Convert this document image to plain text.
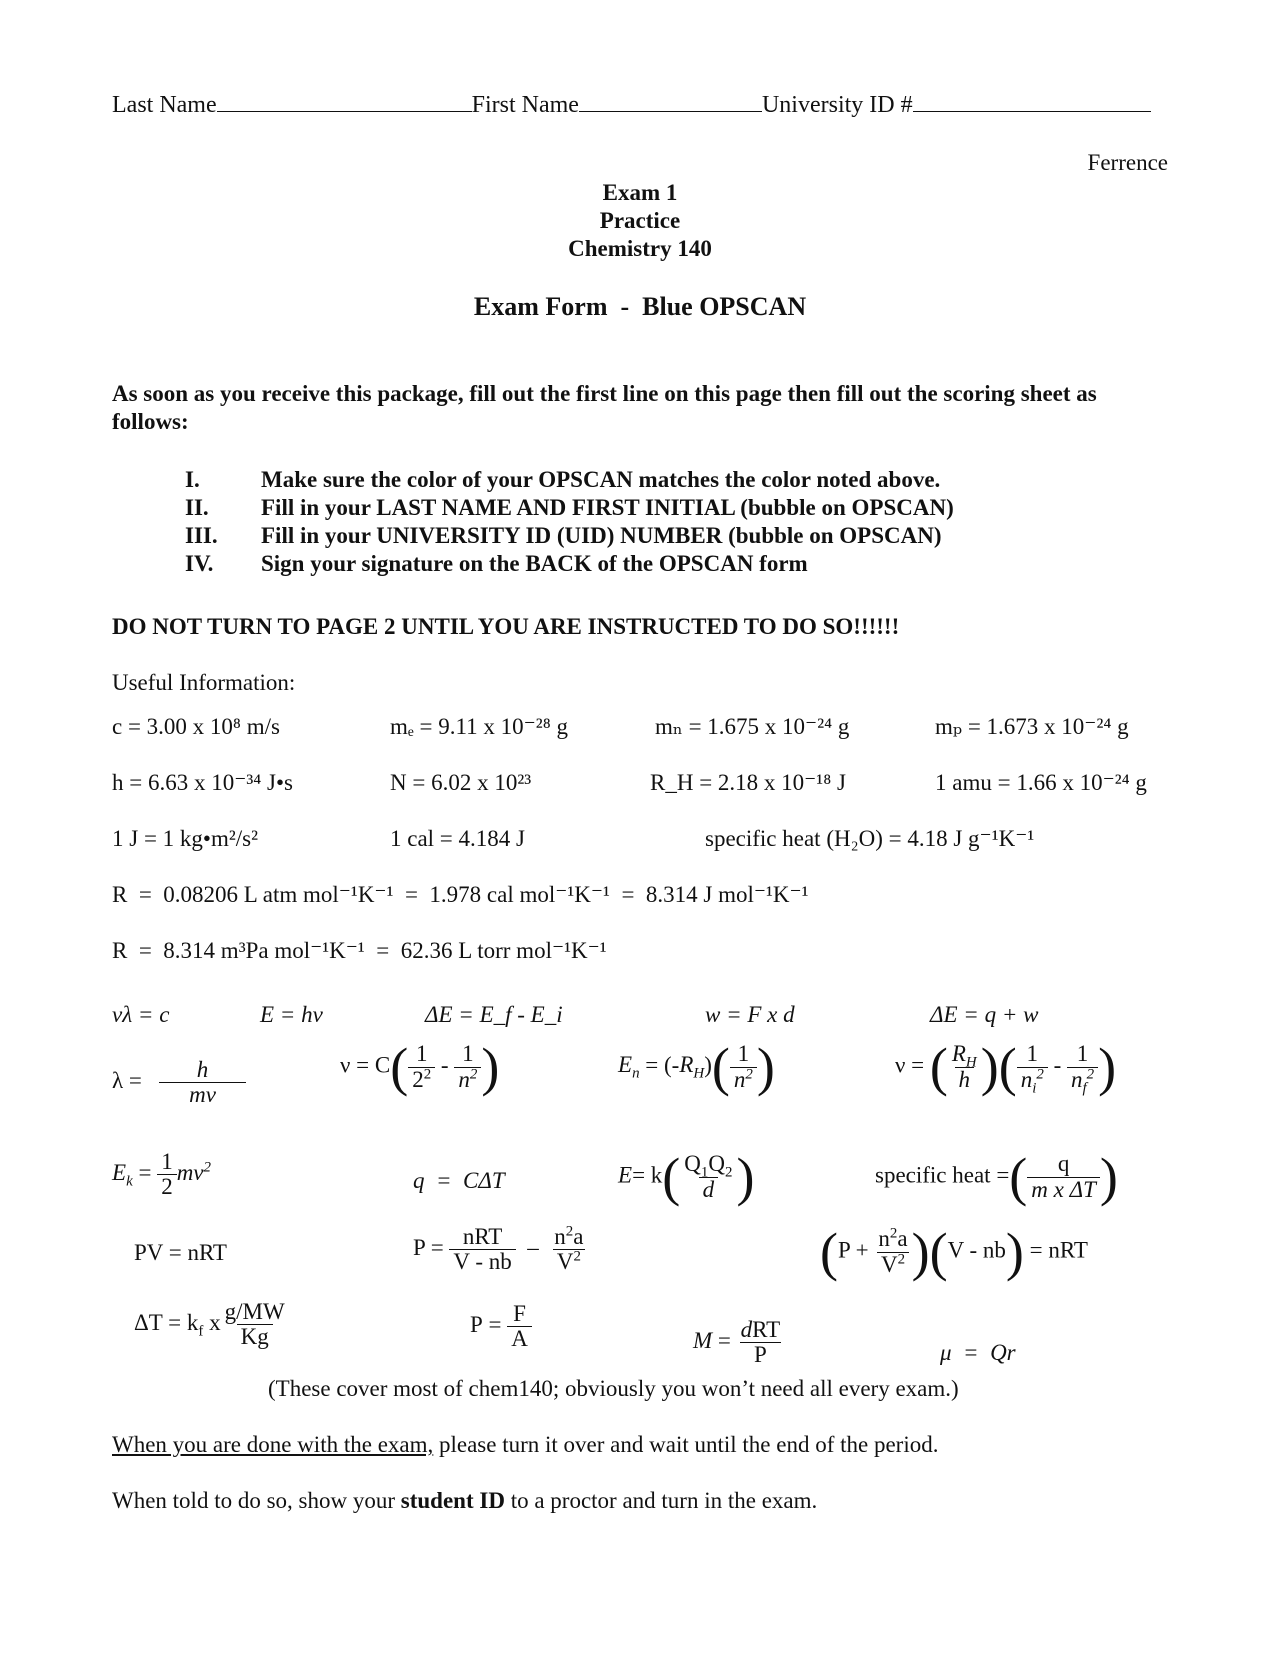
Last Name	First Name	University ID #
Ferrence
Exam 1
Practice
Chemistry 140
Exam Form  -  Blue OPSCAN
As soon as you receive this package, fill out the first line on this page then fill out the scoring sheet as follows:
I.	Make sure the color of your OPSCAN matches the color noted above.
II. Fill in your LAST NAME AND FIRST INITIAL (bubble on OPSCAN)
III. Fill in your UNIVERSITY ID (UID) NUMBER (bubble on OPSCAN)
IV. Sign your signature on the BACK of the OPSCAN form
DO NOT TURN TO PAGE 2 UNTIL YOU ARE INSTRUCTED TO DO SO!!!!!!
Useful Information:
c = 3.00 x 10⁸ m/s	mₑ = 9.11 x 10⁻²⁸ g	mₙ = 1.675 x 10⁻²⁴ g	mₚ = 1.673 x 10⁻²⁴ g
h = 6.63 x 10⁻³⁴ J•s	N = 6.02 x 10²³	R_H = 2.18 x 10⁻¹⁸ J	1 amu = 1.66 x 10⁻²⁴ g
1 J = 1 kg•m²/s²	1 cal = 4.184 J	specific heat (H₂O) = 4.18 J g⁻¹K⁻¹
R  =  0.08206 L atm mol⁻¹K⁻¹  =  1.978 cal mol⁻¹K⁻¹  =  8.314 J mol⁻¹K⁻¹
R  =  8.314 m³Pa mol⁻¹K⁻¹  =  62.36 L torr mol⁻¹K⁻¹
νλ = c	E = hν	ΔE = E_f - E_i	w = F x d	ΔE = q + w
$\lambda = \frac{h}{mv}$	$\nu = C( \frac{1}{2^2} - \frac{1}{n^2}$ )	$E_n = (-R_H)( \frac{1}{n^2}$ )	ν = ( $\frac{R_H}{h}$ )( $\frac{1}{n_i^2} - \frac{1}{n_f^2}$ )
$E_k = \frac{1}{2} mv^2$
q  =  CΔT	$E= k( \frac{Q_1Q_2}{d}$ )	specific heat =( $\frac{q}{\text{m x ΔT}}$ )
PV = nRT	$P = \frac{\text{nRT}}{V - nb} - \frac{n^2a}{V^2}$	$(P + \frac{n^2a}{V^2} )(V - nb)$ = nRT
$\Delta T = k_f$ x $\frac{g/MW}{Kg}$	$P = \frac{F}{A}$	$M = \frac{\text{dRT}}{P}$	μ  =  Qr
(These cover most of chem140; obviously you won’t need all every exam.)
When you are done with the exam, please turn it over and wait until the end of the period.
When told to do so, show your student ID to a proctor and turn in the exam.
